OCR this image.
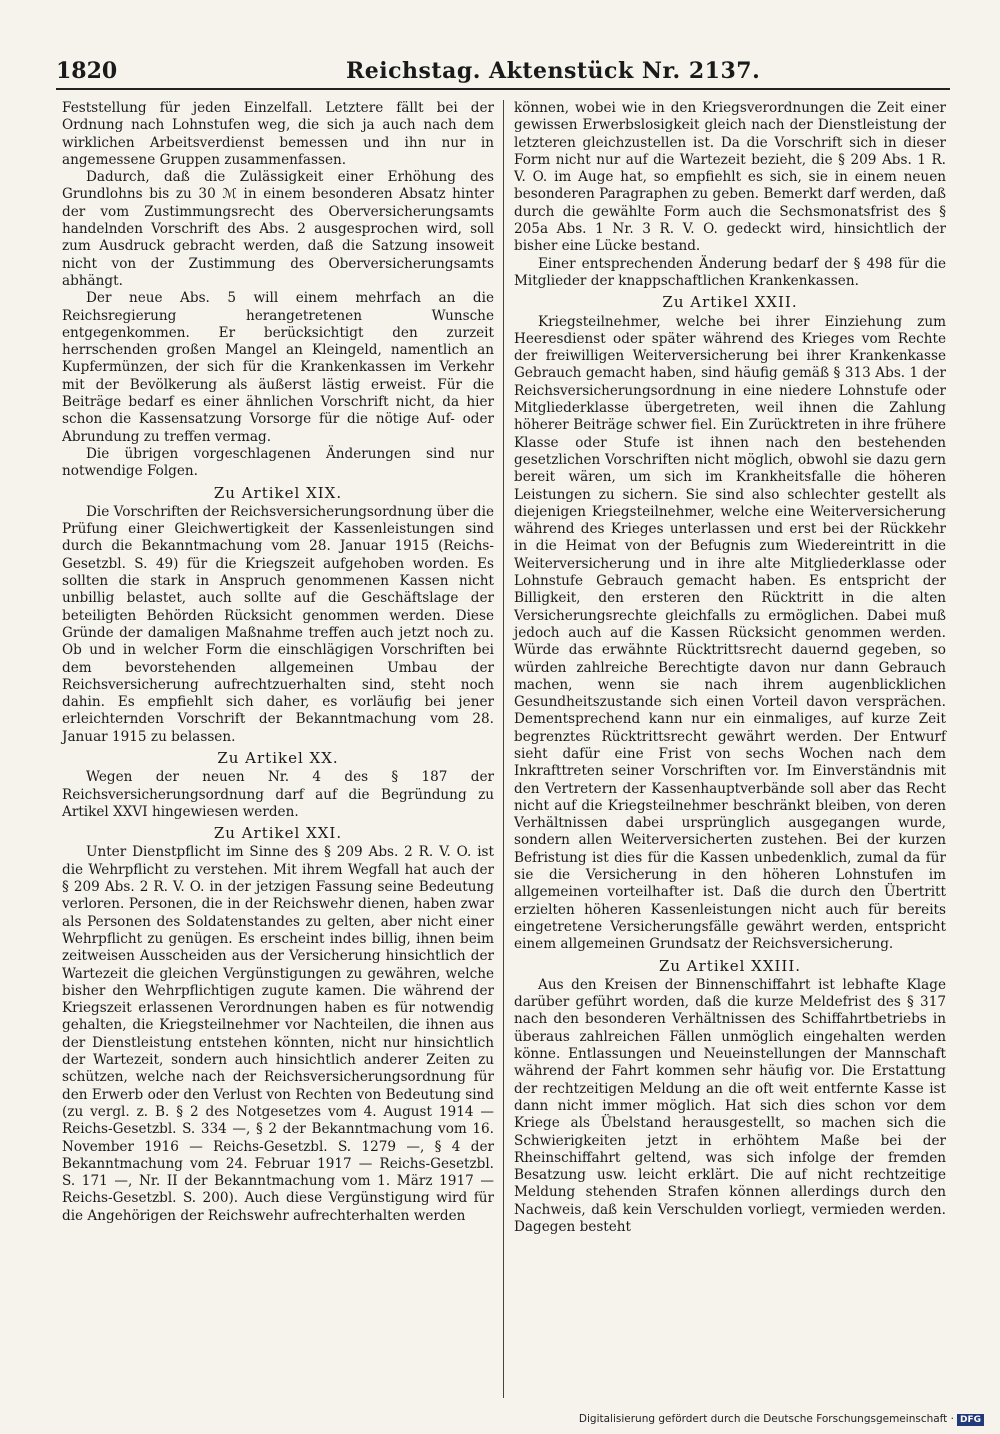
1820	Reichstag. Aktenstück Nr. 2137.

Feststellung für jeden Einzelfall. Letztere fällt bei der Ordnung nach Lohnstufen weg, die sich ja auch nach dem wirklichen Arbeitsverdienst bemessen und ihn nur in angemessene Gruppen zusammenfassen.

Dadurch, daß die Zulässigkeit einer Erhöhung des Grundlohns bis zu 30 ℳ in einem besonderen Absatz hinter der vom Zustimmungsrecht des Oberversicherungsamts handelnden Vorschrift des Abs. 2 ausgesprochen wird, soll zum Ausdruck gebracht werden, daß die Satzung insoweit nicht von der Zustimmung des Oberversicherungsamts abhängt.

Der neue Abs. 5 will einem mehrfach an die Reichsregierung herangetretenen Wunsche entgegenkommen. Er berücksichtigt den zurzeit herrschenden großen Mangel an Kleingeld, namentlich an Kupfermünzen, der sich für die Krankenkassen im Verkehr mit der Bevölkerung als äußerst lästig erweist. Für die Beiträge bedarf es einer ähnlichen Vorschrift nicht, da hier schon die Kassensatzung Vorsorge für die nötige Auf- oder Abrundung zu treffen vermag.

Die übrigen vorgeschlagenen Änderungen sind nur notwendige Folgen.

Zu Artikel XIX.

Die Vorschriften der Reichsversicherungsordnung über die Prüfung einer Gleichwertigkeit der Kassenleistungen sind durch die Bekanntmachung vom 28. Januar 1915 (Reichs-Gesetzbl. S. 49) für die Kriegszeit aufgehoben worden. Es sollten die stark in Anspruch genommenen Kassen nicht unbillig belastet, auch sollte auf die Geschäftslage der beteiligten Behörden Rücksicht genommen werden. Diese Gründe der damaligen Maßnahme treffen auch jetzt noch zu. Ob und in welcher Form die einschlägigen Vorschriften bei dem bevorstehenden allgemeinen Umbau der Reichsversicherung aufrechtzuerhalten sind, steht noch dahin. Es empfiehlt sich daher, es vorläufig bei jener erleichternden Vorschrift der Bekanntmachung vom 28. Januar 1915 zu belassen.

Zu Artikel XX.

Wegen der neuen Nr. 4 des § 187 der Reichsversicherungsordnung darf auf die Begründung zu Artikel XXVI hingewiesen werden.

Zu Artikel XXI.

Unter Dienstpflicht im Sinne des § 209 Abs. 2 R. V. O. ist die Wehrpflicht zu verstehen. Mit ihrem Wegfall hat auch der § 209 Abs. 2 R. V. O. in der jetzigen Fassung seine Bedeutung verloren. Personen, die in der Reichswehr dienen, haben zwar als Personen des Soldatenstandes zu gelten, aber nicht einer Wehrpflicht zu genügen. Es erscheint indes billig, ihnen beim zeitweisen Ausscheiden aus der Versicherung hinsichtlich der Wartezeit die gleichen Vergünstigungen zu gewähren, welche bisher den Wehrpflichtigen zugute kamen. Die während der Kriegszeit erlassenen Verordnungen haben es für notwendig gehalten, die Kriegsteilnehmer vor Nachteilen, die ihnen aus der Dienstleistung entstehen könnten, nicht nur hinsichtlich der Wartezeit, sondern auch hinsichtlich anderer Zeiten zu schützen, welche nach der Reichsversicherungsordnung für den Erwerb oder den Verlust von Rechten von Bedeutung sind (zu vergl. z. B. § 2 des Notgesetzes vom 4. August 1914 — Reichs-Gesetzbl. S. 334 —, § 2 der Bekanntmachung vom 16. November 1916 — Reichs-Gesetzbl. S. 1279 —, § 4 der Bekanntmachung vom 24. Februar 1917 — Reichs-Gesetzbl. S. 171 —, Nr. II der Bekanntmachung vom 1. März 1917 — Reichs-Gesetzbl. S. 200). Auch diese Vergünstigung wird für die Angehörigen der Reichswehr aufrechterhalten werden

können, wobei wie in den Kriegsverordnungen die Zeit einer gewissen Erwerbslosigkeit gleich nach der Dienstleistung der letzteren gleichzustellen ist. Da die Vorschrift sich in dieser Form nicht nur auf die Wartezeit bezieht, die § 209 Abs. 1 R. V. O. im Auge hat, so empfiehlt es sich, sie in einem neuen besonderen Paragraphen zu geben. Bemerkt darf werden, daß durch die gewählte Form auch die Sechsmonatsfrist des § 205a Abs. 1 Nr. 3 R. V. O. gedeckt wird, hinsichtlich der bisher eine Lücke bestand.

Einer entsprechenden Änderung bedarf der § 498 für die Mitglieder der knappschaftlichen Krankenkassen.

Zu Artikel XXII.

Kriegsteilnehmer, welche bei ihrer Einziehung zum Heeresdienst oder später während des Krieges vom Rechte der freiwilligen Weiterversicherung bei ihrer Krankenkasse Gebrauch gemacht haben, sind häufig gemäß § 313 Abs. 1 der Reichsversicherungsordnung in eine niedere Lohnstufe oder Mitgliederklasse übergetreten, weil ihnen die Zahlung höherer Beiträge schwer fiel. Ein Zurücktreten in ihre frühere Klasse oder Stufe ist ihnen nach den bestehenden gesetzlichen Vorschriften nicht möglich, obwohl sie dazu gern bereit wären, um sich im Krankheitsfalle die höheren Leistungen zu sichern. Sie sind also schlechter gestellt als diejenigen Kriegsteilnehmer, welche eine Weiterversicherung während des Krieges unterlassen und erst bei der Rückkehr in die Heimat von der Befugnis zum Wiedereintritt in die Weiterversicherung und in ihre alte Mitgliederklasse oder Lohnstufe Gebrauch gemacht haben. Es entspricht der Billigkeit, den ersteren den Rücktritt in die alten Versicherungsrechte gleichfalls zu ermöglichen. Dabei muß jedoch auch auf die Kassen Rücksicht genommen werden. Würde das erwähnte Rücktrittsrecht dauernd gegeben, so würden zahlreiche Berechtigte davon nur dann Gebrauch machen, wenn sie nach ihrem augenblicklichen Gesundheitszustande sich einen Vorteil davon versprächen. Dementsprechend kann nur ein einmaliges, auf kurze Zeit begrenztes Rücktrittsrecht gewährt werden. Der Entwurf sieht dafür eine Frist von sechs Wochen nach dem Inkrafttreten seiner Vorschriften vor. Im Einverständnis mit den Vertretern der Kassenhauptverbände soll aber das Recht nicht auf die Kriegsteilnehmer beschränkt bleiben, von deren Verhältnissen dabei ursprünglich ausgegangen wurde, sondern allen Weiterversicherten zustehen. Bei der kurzen Befristung ist dies für die Kassen unbedenklich, zumal da für sie die Versicherung in den höheren Lohnstufen im allgemeinen vorteilhafter ist. Daß die durch den Übertritt erzielten höheren Kassenleistungen nicht auch für bereits eingetretene Versicherungsfälle gewährt werden, entspricht einem allgemeinen Grundsatz der Reichsversicherung.

Zu Artikel XXIII.

Aus den Kreisen der Binnenschiffahrt ist lebhafte Klage darüber geführt worden, daß die kurze Meldefrist des § 317 nach den besonderen Verhältnissen des Schiffahrtbetriebs in überaus zahlreichen Fällen unmöglich eingehalten werden könne. Entlassungen und Neueinstellungen der Mannschaft während der Fahrt kommen sehr häufig vor. Die Erstattung der rechtzeitigen Meldung an die oft weit entfernte Kasse ist dann nicht immer möglich. Hat sich dies schon vor dem Kriege als Übelstand herausgestellt, so machen sich die Schwierigkeiten jetzt in erhöhtem Maße bei der Rheinschiffahrt geltend, was sich infolge der fremden Besatzung usw. leicht erklärt. Die auf nicht rechtzeitige Meldung stehenden Strafen können allerdings durch den Nachweis, daß kein Verschulden vorliegt, vermieden werden. Dagegen besteht

Digitalisierung gefördert durch die Deutsche Forschungsgemeinschaft · DFG
